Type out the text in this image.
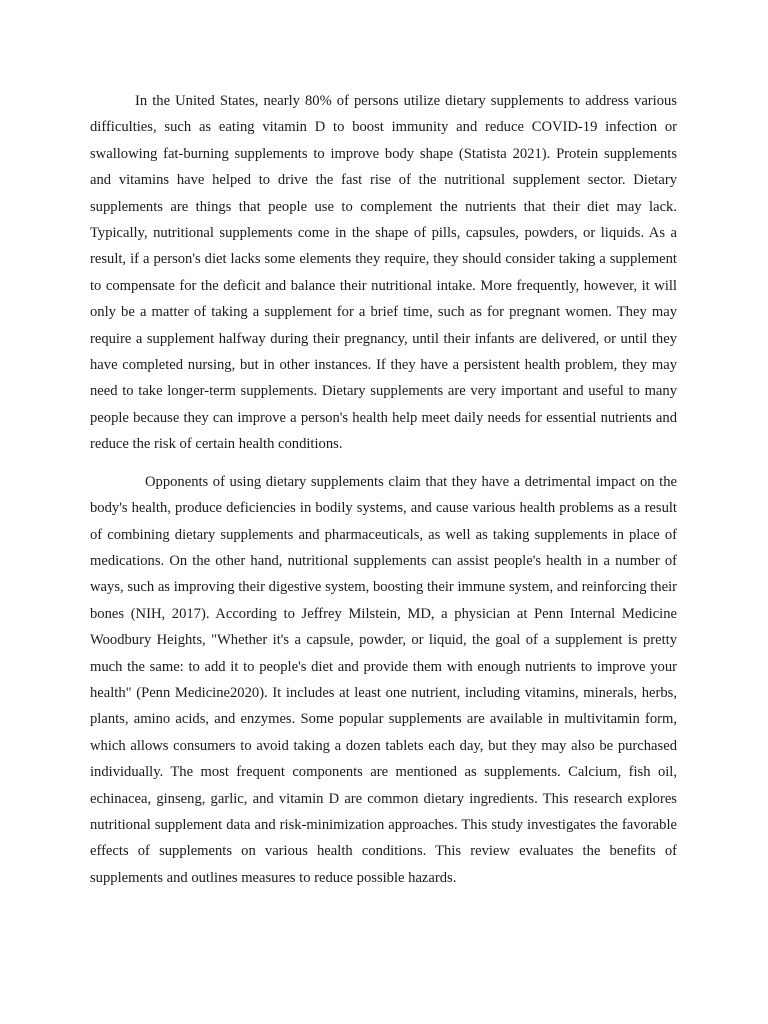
In the United States, nearly 80% of persons utilize dietary supplements to address various difficulties, such as eating vitamin D to boost immunity and reduce COVID-19 infection or swallowing fat-burning supplements to improve body shape (Statista 2021). Protein supplements and vitamins have helped to drive the fast rise of the nutritional supplement sector. Dietary supplements are things that people use to complement the nutrients that their diet may lack. Typically, nutritional supplements come in the shape of pills, capsules, powders, or liquids. As a result, if a person's diet lacks some elements they require, they should consider taking a supplement to compensate for the deficit and balance their nutritional intake. More frequently, however, it will only be a matter of taking a supplement for a brief time, such as for pregnant women. They may require a supplement halfway during their pregnancy, until their infants are delivered, or until they have completed nursing, but in other instances. If they have a persistent health problem, they may need to take longer-term supplements. Dietary supplements are very important and useful to many people because they can improve a person's health help meet daily needs for essential nutrients and reduce the risk of certain health conditions.

Opponents of using dietary supplements claim that they have a detrimental impact on the body's health, produce deficiencies in bodily systems, and cause various health problems as a result of combining dietary supplements and pharmaceuticals, as well as taking supplements in place of medications. On the other hand, nutritional supplements can assist people's health in a number of ways, such as improving their digestive system, boosting their immune system, and reinforcing their bones (NIH, 2017). According to Jeffrey Milstein, MD, a physician at Penn Internal Medicine Woodbury Heights, "Whether it's a capsule, powder, or liquid, the goal of a supplement is pretty much the same: to add it to people's diet and provide them with enough nutrients to improve your health" (Penn Medicine2020). It includes at least one nutrient, including vitamins, minerals, herbs, plants, amino acids, and enzymes. Some popular supplements are available in multivitamin form, which allows consumers to avoid taking a dozen tablets each day, but they may also be purchased individually. The most frequent components are mentioned as supplements. Calcium, fish oil, echinacea, ginseng, garlic, and vitamin D are common dietary ingredients. This research explores nutritional supplement data and risk-minimization approaches. This study investigates the favorable effects of supplements on various health conditions. This review evaluates the benefits of supplements and outlines measures to reduce possible hazards.
